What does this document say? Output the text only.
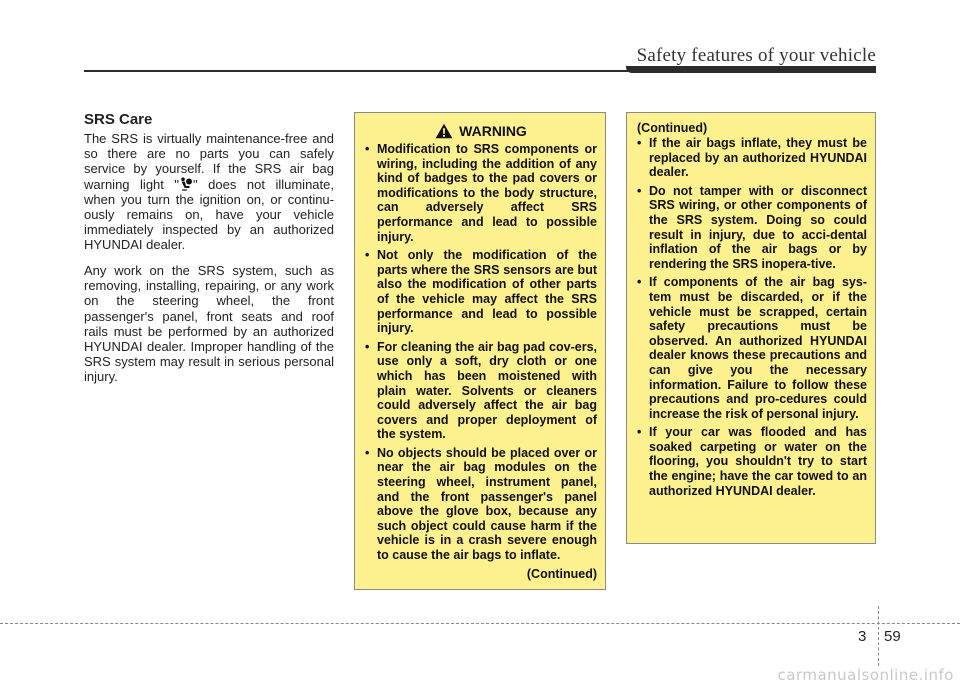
Safety features of your vehicle
SRS Care

The SRS is virtually maintenance-free and so there are no parts you can safely service by yourself. If the SRS air bag warning light " " does not illuminate, when you turn the ignition on, or continu-ously remains on, have your vehicle immediately inspected by an authorized HYUNDAI dealer.

Any work on the SRS system, such as removing, installing, repairing, or any work on the steering wheel, the front passenger's panel, front seats and roof rails must be performed by an authorized HYUNDAI dealer. Improper handling of the SRS system may result in serious personal injury.

WARNING
• Modification to SRS components or wiring, including the addition of any kind of badges to the pad covers or modifications to the body structure, can adversely affect SRS performance and lead to possible injury.
• Not only the modification of the parts where the SRS sensors are but also the modification of other parts of the vehicle may affect the SRS performance and lead to possible injury.
• For cleaning the air bag pad cov-ers, use only a soft, dry cloth or one which has been moistened with plain water. Solvents or cleaners could adversely affect the air bag covers and proper deployment of the system.
• No objects should be placed over or near the air bag modules on the steering wheel, instrument panel, and the front passenger's panel above the glove box, because any such object could cause harm if the vehicle is in a crash severe enough to cause the air bags to inflate.
(Continued)
(Continued)
• If the air bags inflate, they must be replaced by an authorized HYUNDAI dealer.
• Do not tamper with or disconnect SRS wiring, or other components of the SRS system. Doing so could result in injury, due to acci-dental inflation of the air bags or by rendering the SRS inopera-tive.
• If components of the air bag sys-tem must be discarded, or if the vehicle must be scrapped, certain safety precautions must be observed. An authorized HYUNDAI dealer knows these precautions and can give you the necessary information. Failure to follow these precautions and pro-cedures could increase the risk of personal injury.
• If your car was flooded and has soaked carpeting or water on the flooring, you shouldn't try to start the engine; have the car towed to an authorized HYUNDAI dealer.
3 59
carmanualsonline.info
